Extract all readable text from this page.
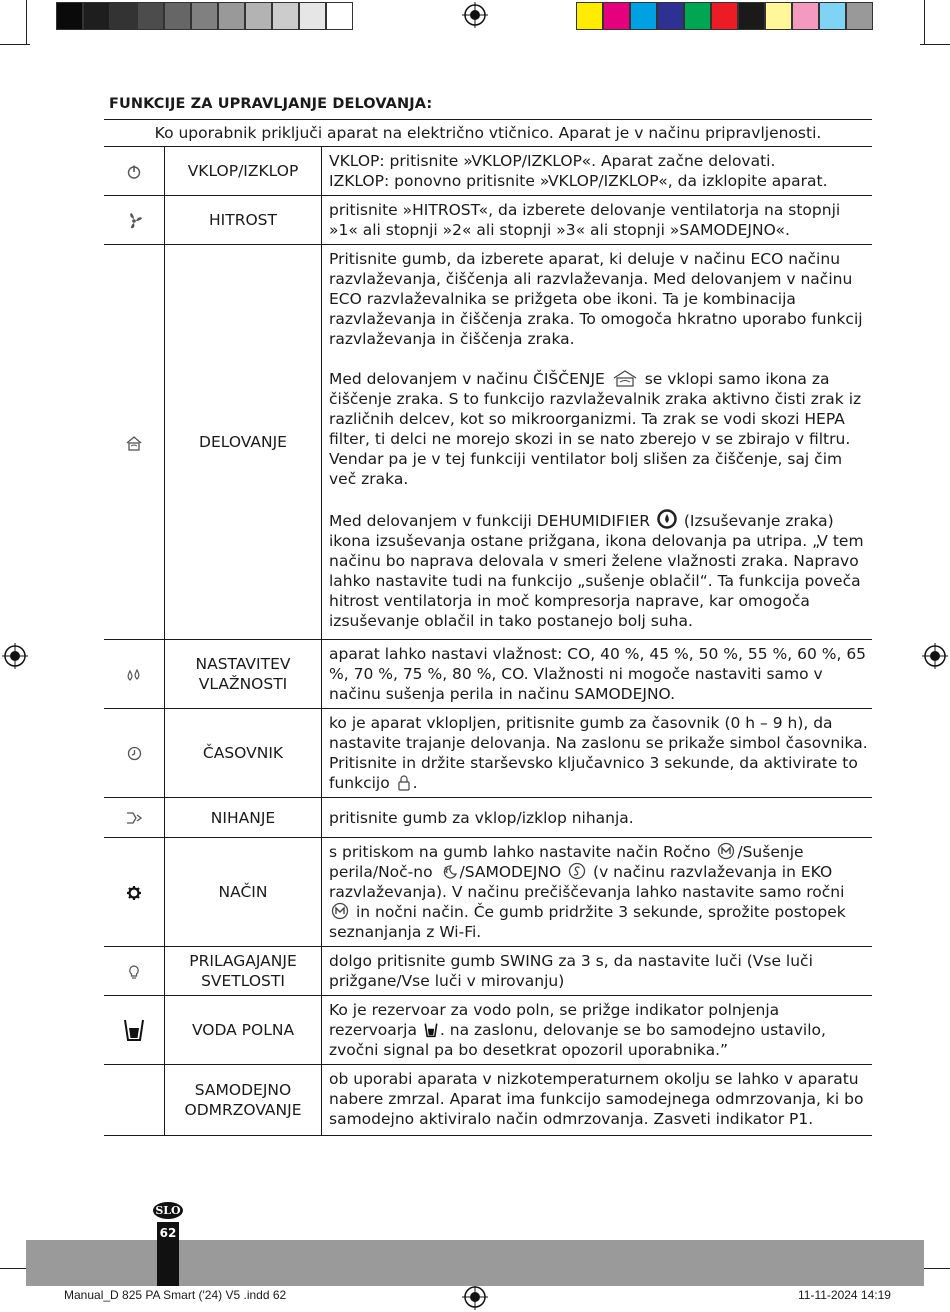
FUNKCIJE ZA UPRAVLJANJE DELOVANJA:
Ko uporabnik priključi aparat na električno vtičnico. Aparat je v načinu pripravljenosti.
	VKLOP/IZKLOP	VKLOP: pritisnite »VKLOP/IZKLOP«. Aparat začne delovati.
IZKLOP: ponovno pritisnite »VKLOP/IZKLOP«, da izklopite aparat.

	HITROST	pritisnite »HITROST«, da izberete delovanje ventilatorja na stopnji »1« ali stopnji »2« ali stopnji »3« ali stopnji »SAMODEJNO«.
	DELOVANJE	Pritisnite gumb, da izberete aparat, ki deluje v načinu ECO načinu razvlaževanja, čiščenja ali razvlaževanja. Med delovanjem v načinu ECO razvlaževalnika se prižgeta obe ikoni. Ta je kombinacija razvlaževanja in čiščenja zraka. To omogoča hkratno uporabo funkcij razvlaževanja in čiščenja zraka.

Med delovanjem v načinu ČIŠČENJE se vklopi samo ikona za čiščenje zraka. S to funkcijo razvlaževalnik zraka aktivno čisti zrak iz različnih delcev, kot so mikroorganizmi. Ta zrak se vodi skozi HEPA filter, ti delci ne morejo skozi in se nato zberejo v se zbirajo v filtru. Vendar pa je v tej funkciji ventilator bolj slišen za čiščenje, saj čim več zraka.

Med delovanjem v funkciji DEHUMIDIFIER (Izsuševanje zraka) ikona izsuševanja ostane prižgana, ikona delovanja pa utripa. „V tem načinu bo naprava delovala v smeri želene vlažnosti zraka. Napravo lahko nastavite tudi na funkcijo „sušenje oblačil“. Ta funkcija poveča hitrost ventilatorja in moč kompresorja naprave, kar omogoča izsuševanje oblačil in tako postanejo bolj suha.

	NASTAVITEV VLAŽNOSTI	aparat lahko nastavi vlažnost: CO, 40 %, 45 %, 50 %, 55 %, 60 %, 65 %, 70 %, 75 %, 80 %, CO. Vlažnosti ni mogoče nastaviti samo v načinu sušenja perila in načinu SAMODEJNO.
	ČASOVNIK	ko je aparat vklopljen, pritisnite gumb za časovnik (0 h – 9 h), da nastavite trajanje delovanja. Na zaslonu se prikaže simbol časovnika. Pritisnite in držite starševsko ključavnico 3 sekunde, da aktivirate to funkcijo .
	NIHANJE	pritisnite gumb za vklop/izklop nihanja.
	NAČIN	s pritiskom na gumb lahko nastavite način Ročno /Sušenje perila/Noč-no /SAMODEJNO (v načinu razvlaževanja in EKO razvlaževanja). V načinu prečiščevanja lahko nastavite samo ročni  in nočni način. Če gumb pridržite 3 sekunde, sprožite postopek seznanjanja z Wi-Fi.
	PRILAGAJANJE SVETLOSTI	dolgo pritisnite gumb SWING za 3 s, da nastavite luči (Vse luči prižgane/Vse luči v mirovanju)
	VODA POLNA	Ko je rezervoar za vodo poln, se prižge indikator polnjenja rezervoarja . na zaslonu, delovanje se bo samodejno ustavilo, zvočni signal pa bo desetkrat opozoril uporabnika.”
	SAMODEJNO ODMRZOVANJE	ob uporabi aparata v nizkotemperaturnem okolju se lahko v aparatu nabere zmrzal. Aparat ima funkcijo samodejnega odmrzovanja, ki bo samodejno aktiviralo način odmrzovanja. Zasveti indikator P1.
SLO
62
Manual_D 825 PA Smart ('24) V5 .indd 62	11-11-2024 14:19
